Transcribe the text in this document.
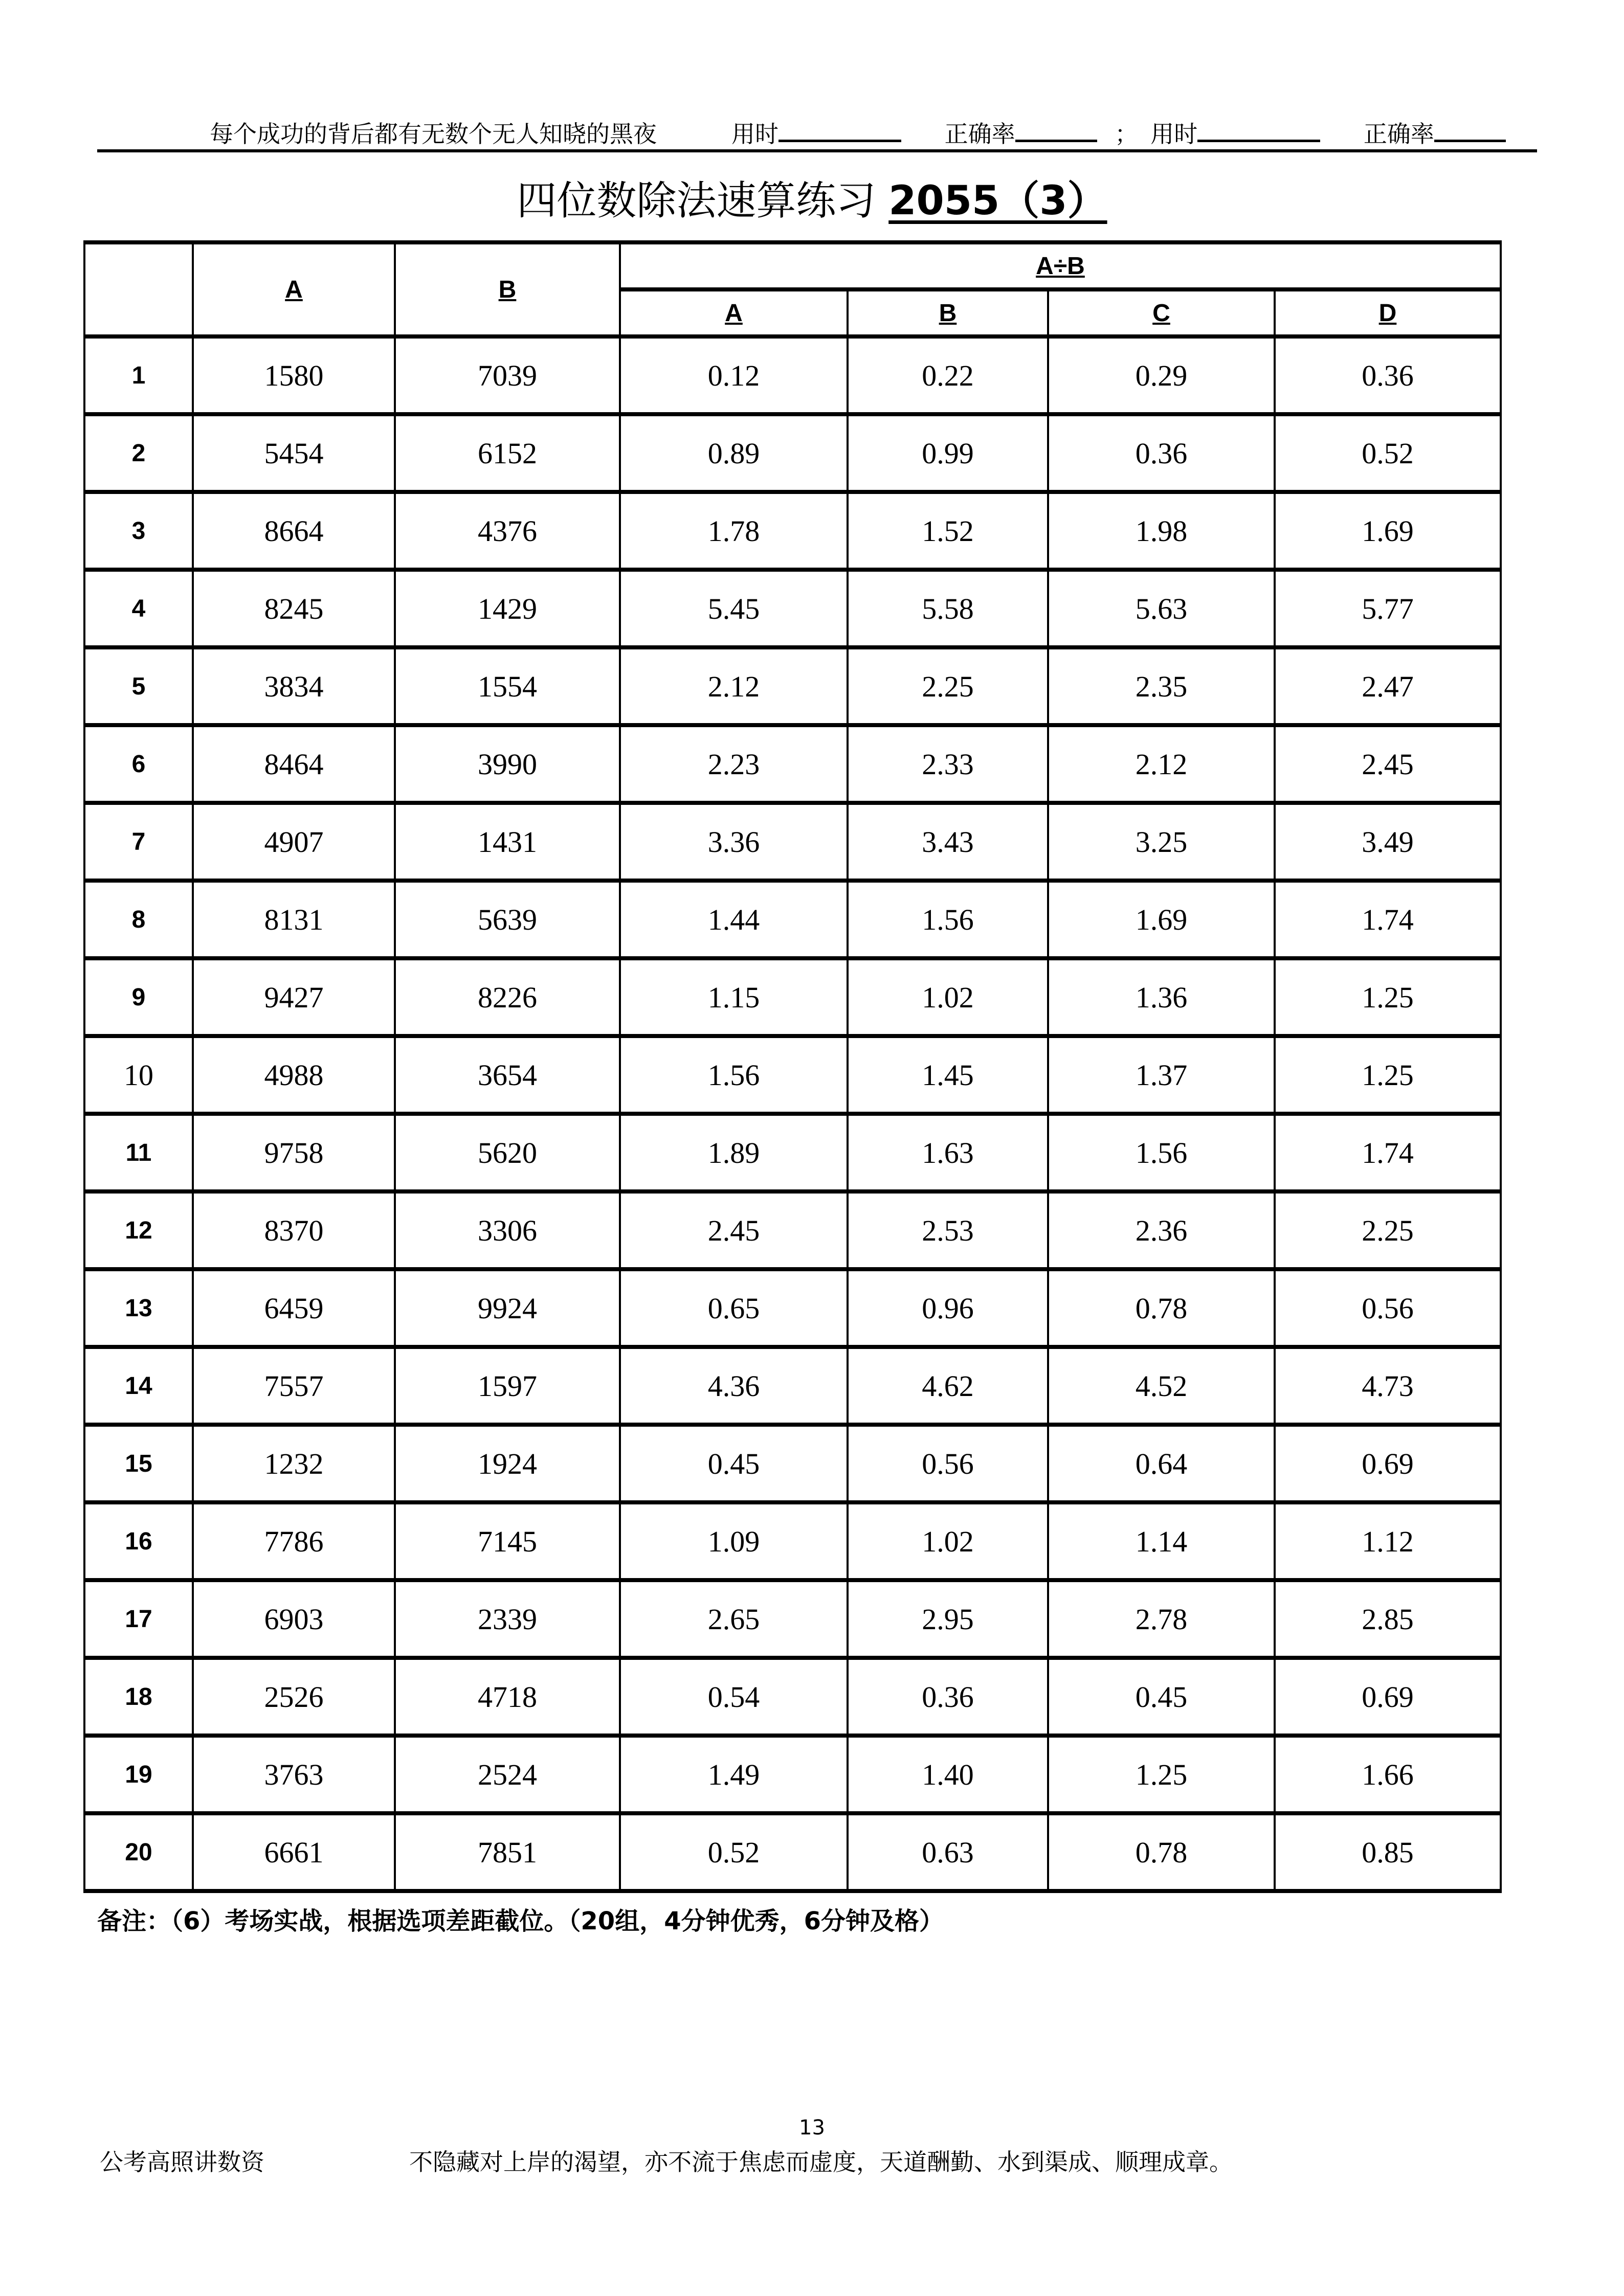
每个成功的背后都有无数个无人知晓的黑夜	用时	正确率	； 用时	正确率
四位数除法速算练习 2055（3）
	A	B	A÷B			
			A	B	C	D
1	1580	7039	0.12	0.22	0.29	0.36
2	5454	6152	0.89	0.99	0.36	0.52
3	8664	4376	1.78	1.52	1.98	1.69
4	8245	1429	5.45	5.58	5.63	5.77
5	3834	1554	2.12	2.25	2.35	2.47
6	8464	3990	2.23	2.33	2.12	2.45
7	4907	1431	3.36	3.43	3.25	3.49
8	8131	5639	1.44	1.56	1.69	1.74
9	9427	8226	1.15	1.02	1.36	1.25
10	4988	3654	1.56	1.45	1.37	1.25
11	9758	5620	1.89	1.63	1.56	1.74
12	8370	3306	2.45	2.53	2.36	2.25
13	6459	9924	0.65	0.96	0.78	0.56
14	7557	1597	4.36	4.62	4.52	4.73
15	1232	1924	0.45	0.56	0.64	0.69
16	7786	7145	1.09	1.02	1.14	1.12
17	6903	2339	2.65	2.95	2.78	2.85
18	2526	4718	0.54	0.36	0.45	0.69
19	3763	2524	1.49	1.40	1.25	1.66
20	6661	7851	0.52	0.63	0.78	0.85
备注：（6）考场实战，根据选项差距截位。（20组，4分钟优秀，6分钟及格）
13
公考高照讲数资	不隐藏对上岸的渴望，亦不流于焦虑而虚度，天道酬勤、水到渠成、顺理成章。
